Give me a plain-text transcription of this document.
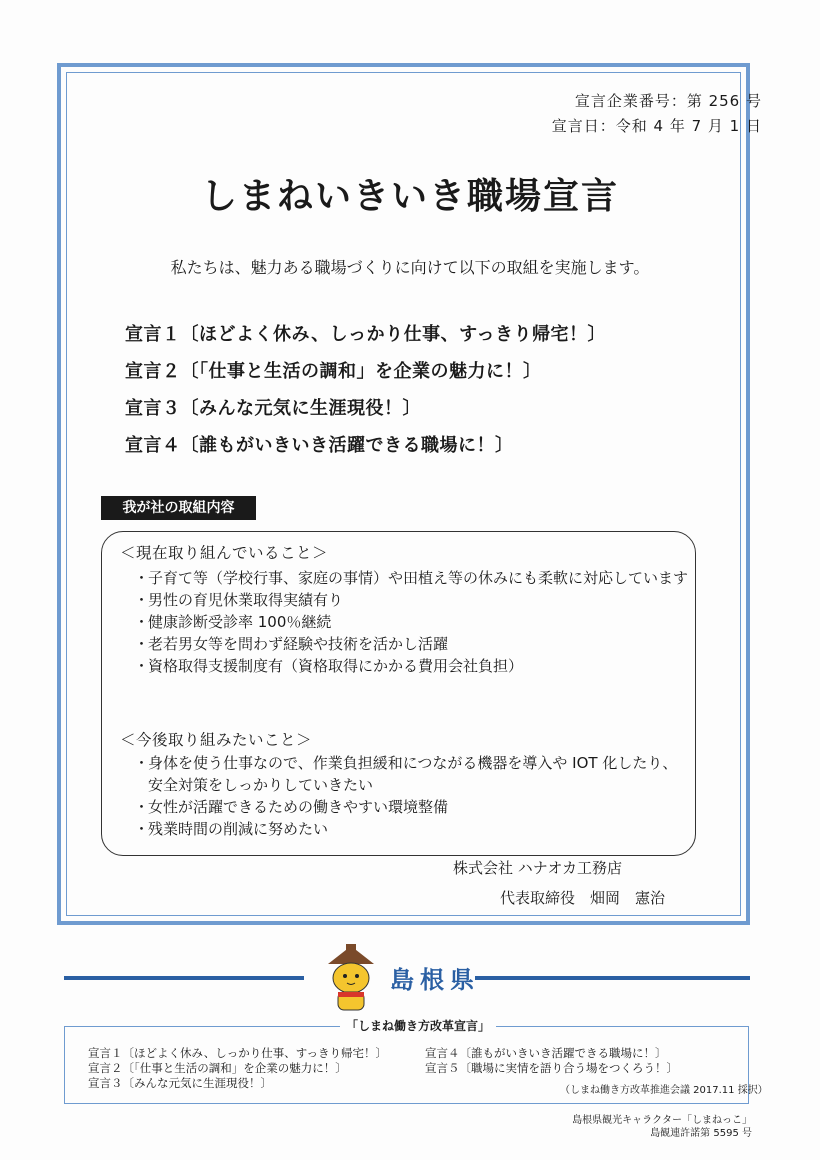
宣言企業番号：第 256 号
宣言日：令和 4 年 7 月 1 日
しまねいきいき職場宣言
私たちは、魅力ある職場づくりに向けて以下の取組を実施します。
宣言１〔ほどよく休み、しっかり仕事、すっきり帰宅！〕
宣言２〔「仕事と生活の調和」を企業の魅力に！〕
宣言３〔みんな元気に生涯現役！〕
宣言４〔誰もがいきいき活躍できる職場に！〕
我が社の取組内容
＜現在取り組んでいること＞
・
子育て等（学校行事、家庭の事情）や田植え等の休みにも柔軟に対応しています
・
男性の育児休業取得実績有り
・
健康診断受診率 100％継続
・
老若男女等を問わず経験や技術を活かし活躍
・
資格取得支援制度有（資格取得にかかる費用会社負担）
＜今後取り組みたいこと＞
・
身体を使う仕事なので、作業負担緩和につながる機器を導入や IOT 化したり、安全対策をしっかりしていきたい
・
女性が活躍できるための働きやすい環境整備
・
残業時間の削減に努めたい
株式会社 ハナオカ工務店
代表取締役　畑岡　憲治
島根県
「しまね働き方改革宣言」
宣言１〔ほどよく休み、しっかり仕事、すっきり帰宅！〕
宣言２〔「仕事と生活の調和」を企業の魅力に！〕
宣言３〔みんな元気に生涯現役！〕
宣言４〔誰もがいきいき活躍できる職場に！〕
宣言５〔職場に実情を語り合う場をつくろう！〕
（しまね働き方改革推進会議 2017.11 採択）
島根県観光キャラクター「しまねっこ」
島観連許諾第 5595 号
